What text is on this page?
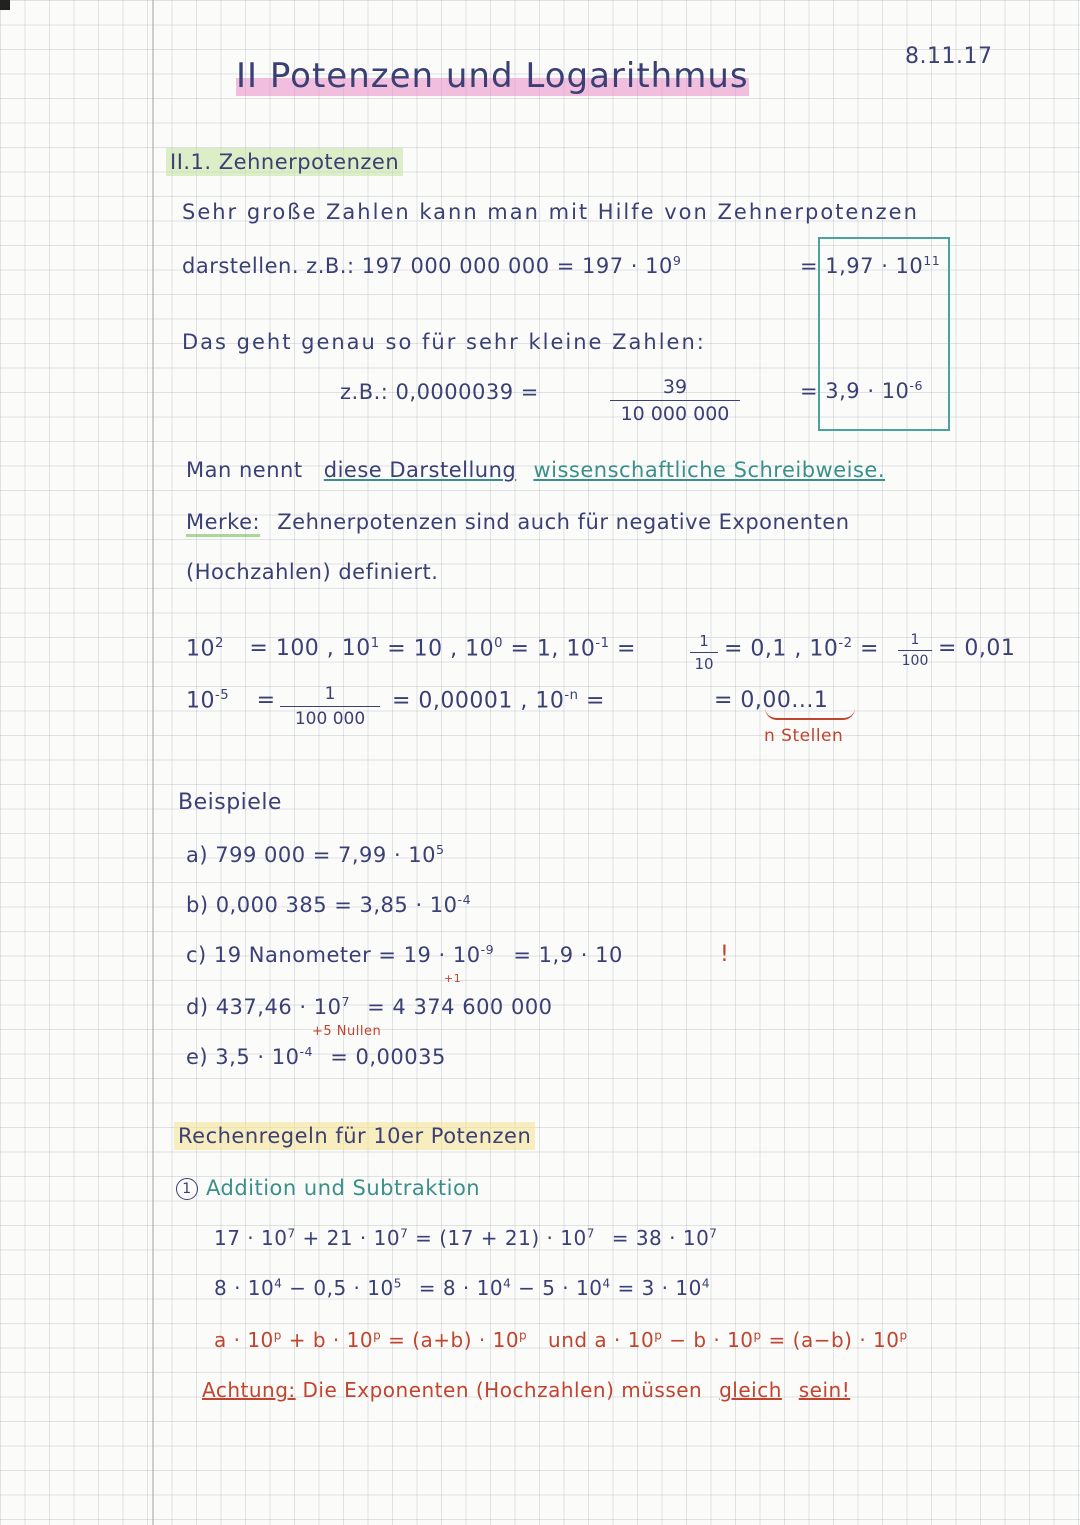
8.11.17
II Potenzen und Logarithmus
II.1. Zehnerpotenzen
Sehr große Zahlen kann man mit Hilfe von Zehnerpotenzen
darstellen. z.B.: 197 000 000 $000 = 197 \cdot 10^9$	= $1,97 \cdot 10^{11}$
Das geht genau so für sehr kleine Zahlen:
z.B.: 0,0000039 =	39
10 000 000
= $3,9 \cdot 10^{-6}$
Man nennt diese Darstellung wissenschaftliche Schreibweise.
Merke: Zehnerpotenzen sind auch für negative Exponenten
(Hochzahlen) definiert.
$10^2 = 100$ , $10^1 = 10$ , $10^0 = 1$, $10^{-1}$ =	1
10
= 0,1 , $10^{-2}$ =	1
100 = 0,01
$10^{-5}$ =	1
100 000
= 0,00001 , $10^{-n}$ =	= 0,00...1
n Stellen
Beispiele
a) 799 $000 = 7,99 \cdot 10^5$
b) 0,000 $385 = 3,85 \cdot 10^{-4}$
c) 19 Nanometer = $19 \cdot 10^{-9} = 1,9 \cdot 10$
+1
!
d) $437,46 \cdot 10^7 = 4$ 374 600 000
+5 Nullen
e) $3,5 \cdot 10^{-4} = 0,00035$
Rechenregeln für 10er Potenzen
1 Addition und Subtraktion
$17 \cdot 10^7 + 21 \cdot 10^7 = (17 + 21) \cdot 10^7 = 38 \cdot 10^7$
$8 \cdot 10^4 - 0,5 \cdot 10^5 = 8 \cdot 10^4 - 5 \cdot 10^4 = 3 \cdot 10^4$
$a \cdot 10^p + b \cdot 10^p = (a+b) \cdot 10^p$ und $a \cdot 10^p - b \cdot 10^p = (a-b) \cdot 10^p$
Achtung: Die Exponenten (Hochzahlen) müssen gleich sein!
